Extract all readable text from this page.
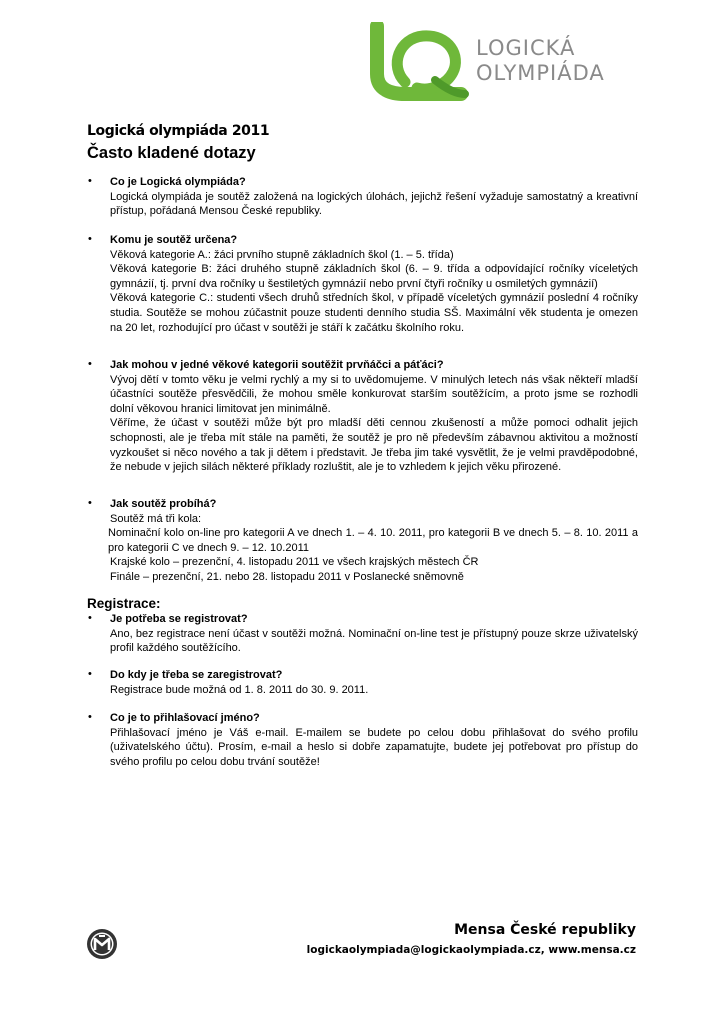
LOGICKÁ
OLYMPIÁDA
Logická olympiáda 2011
Často kladené dotazy
• Co je Logická olympiáda?
Logická olympiáda je soutěž založená na logických úlohách, jejichž řešení vyžaduje samostatný a kreativní přístup, pořádaná Mensou České republiky.
• Komu je soutěž určena?
Věková kategorie A.: žáci prvního stupně základních škol (1. – 5. třída)
Věková kategorie B: žáci druhého stupně základních škol (6. – 9. třída a odpovídající ročníky víceletých gymnázií, tj. první dva ročníky u šestiletých gymnázií nebo první čtyři ročníky u osmiletých gymnázií)
Věková kategorie C.: studenti všech druhů středních škol, v případě víceletých gymnázií poslední 4 ročníky studia. Soutěže se mohou zúčastnit pouze studenti denního studia SŠ. Maximální věk studenta je omezen na 20 let, rozhodující pro účast v soutěži je stáří k začátku školního roku.
• Jak mohou v jedné věkové kategorii soutěžit prvňáčci a páťáci?
Vývoj dětí v tomto věku je velmi rychlý a my si to uvědomujeme. V minulých letech nás však někteří mladší účastníci soutěže přesvědčili, že mohou směle konkurovat starším soutěžícím, a proto jsme se rozhodli dolní věkovou hranici limitovat jen minimálně.
Věříme, že účast v soutěži může být pro mladší děti cennou zkušeností a může pomoci odhalit jejich schopnosti, ale je třeba mít stále na paměti, že soutěž je pro ně především zábavnou aktivitou a možností vyzkoušet si něco nového a tak ji dětem i představit. Je třeba jim také vysvětlit, že je velmi pravděpodobné, že nebude v jejich silách některé příklady rozluštit, ale je to vzhledem k jejich věku přirozené.
• Jak soutěž probíhá?
Soutěž má tři kola:
Nominační kolo on-line pro kategorii A ve dnech 1. – 4. 10. 2011, pro kategorii B ve dnech 5. – 8. 10. 2011 a pro kategorii C ve dnech 9. – 12. 10.2011
Krajské kolo – prezenční, 4. listopadu 2011 ve všech krajských městech ČR
Finále – prezenční, 21. nebo 28. listopadu 2011 v Poslanecké sněmovně
Registrace:
• Je potřeba se registrovat?
Ano, bez registrace není účast v soutěži možná. Nominační on-line test je přístupný pouze skrze uživatelský profil každého soutěžícího.
• Do kdy je třeba se zaregistrovat?
Registrace bude možná od 1. 8. 2011 do 30. 9. 2011.
• Co je to přihlašovací jméno?
Přihlašovací jméno je Váš e-mail. E-mailem se budete po celou dobu přihlašovat do svého profilu (uživatelského účtu). Prosím, e-mail a heslo si dobře zapamatujte, budete jej potřebovat pro přístup do svého profilu po celou dobu trvání soutěže!
Mensa České republiky
logickaolympiada@logickaolympiada.cz, www.mensa.cz
